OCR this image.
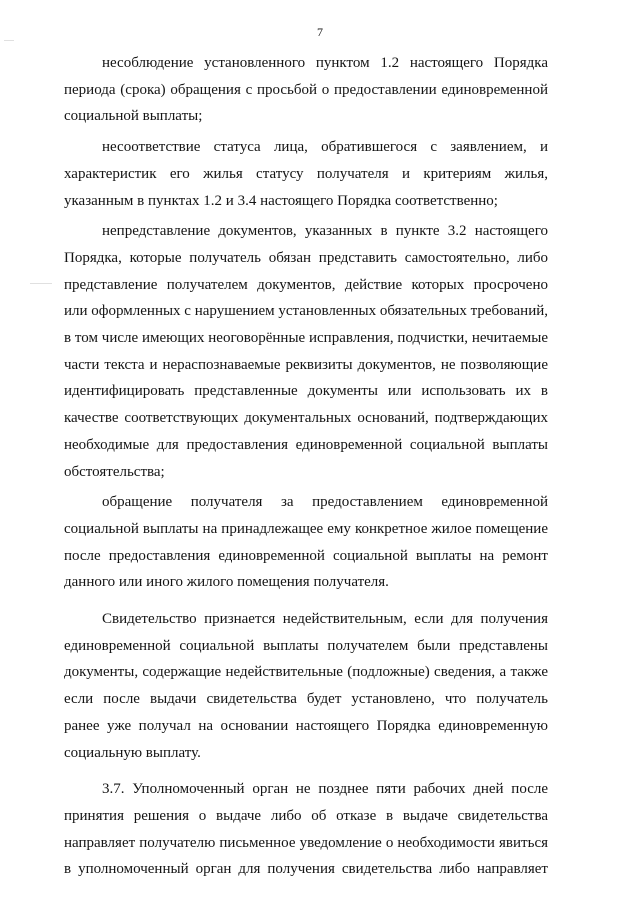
7
несоблюдение установленного пунктом 1.2 настоящего Порядка
периода (срока) обращения с просьбой о предоставлении единовременной
социальной выплаты;
несоответствие статуса лица, обратившегося с заявлением, и
характеристик его жилья статусу получателя и критериям жилья,
указанным в пунктах 1.2 и 3.4 настоящего Порядка соответственно;
непредставление документов, указанных в пункте 3.2 настоящего
Порядка, которые получатель обязан представить самостоятельно, либо
представление получателем документов, действие которых просрочено
или оформленных с нарушением установленных обязательных требований,
в том числе имеющих неоговорённые исправления, подчистки, нечитаемые
части текста и нераспознаваемые реквизиты документов, не позволяющие
идентифицировать представленные документы или использовать их в
качестве соответствующих документальных оснований, подтверждающих
необходимые для предоставления единовременной социальной выплаты
обстоятельства;
обращение получателя за предоставлением единовременной
социальной выплаты на принадлежащее ему конкретное жилое помещение
после предоставления единовременной социальной выплаты на ремонт
данного или иного жилого помещения получателя.
Свидетельство признается недействительным, если для получения
единовременной социальной выплаты получателем были представлены
документы, содержащие недействительные (подложные) сведения, а также
если после выдачи свидетельства будет установлено, что получатель
ранее уже получал на основании настоящего Порядка единовременную
социальную выплату.
3.7. Уполномоченный орган не позднее пяти рабочих дней после
принятия решения о выдаче либо об отказе в выдаче свидетельства
направляет получателю письменное уведомление о необходимости явиться
в уполномоченный орган для получения свидетельства либо направляет
